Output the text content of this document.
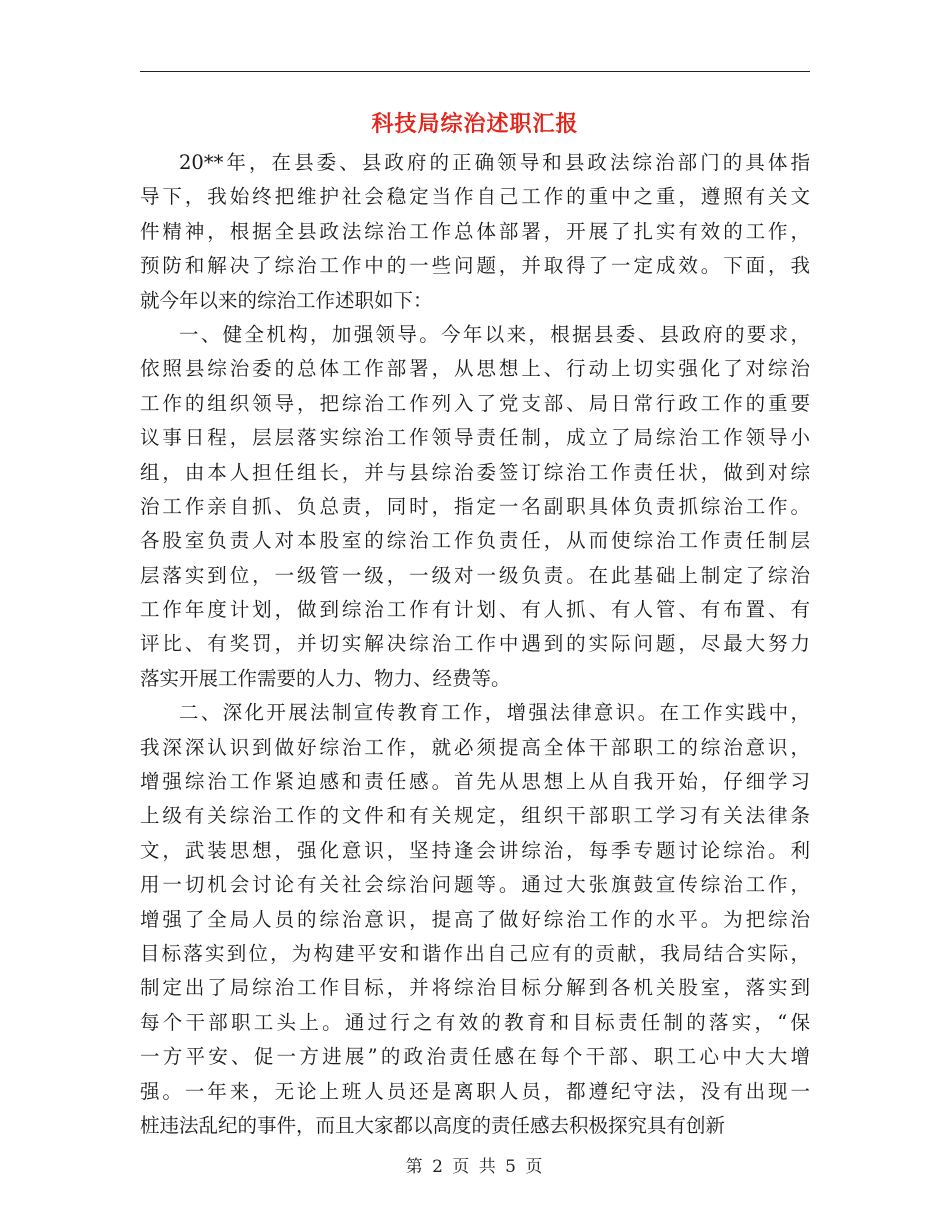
科技局综治述职汇报
20**年，在县委、县政府的正确领导和县政法综治部门的具体指
导下，我始终把维护社会稳定当作自己工作的重中之重，遵照有关文
件精神，根据全县政法综治工作总体部署，开展了扎实有效的工作，
预防和解决了综治工作中的一些问题，并取得了一定成效。下面，我
就今年以来的综治工作述职如下：
一、健全机构，加强领导。今年以来，根据县委、县政府的要求，
依照县综治委的总体工作部署，从思想上、行动上切实强化了对综治
工作的组织领导，把综治工作列入了党支部、局日常行政工作的重要
议事日程，层层落实综治工作领导责任制，成立了局综治工作领导小
组，由本人担任组长，并与县综治委签订综治工作责任状，做到对综
治工作亲自抓、负总责，同时，指定一名副职具体负责抓综治工作。
各股室负责人对本股室的综治工作负责任，从而使综治工作责任制层
层落实到位，一级管一级，一级对一级负责。在此基础上制定了综治
工作年度计划，做到综治工作有计划、有人抓、有人管、有布置、有
评比、有奖罚，并切实解决综治工作中遇到的实际问题，尽最大努力
落实开展工作需要的人力、物力、经费等。
二、深化开展法制宣传教育工作，增强法律意识。在工作实践中，
我深深认识到做好综治工作，就必须提高全体干部职工的综治意识，
增强综治工作紧迫感和责任感。首先从思想上从自我开始，仔细学习
上级有关综治工作的文件和有关规定，组织干部职工学习有关法律条
文，武装思想，强化意识，坚持逢会讲综治，每季专题讨论综治。利
用一切机会讨论有关社会综治问题等。通过大张旗鼓宣传综治工作，
增强了全局人员的综治意识，提高了做好综治工作的水平。为把综治
目标落实到位，为构建平安和谐作出自己应有的贡献，我局结合实际，
制定出了局综治工作目标，并将综治目标分解到各机关股室，落实到
每个干部职工头上。通过行之有效的教育和目标责任制的落实，“保
一方平安、促一方进展”的政治责任感在每个干部、职工心中大大增
强。一年来，无论上班人员还是离职人员，都遵纪守法，没有出现一
桩违法乱纪的事件，而且大家都以高度的责任感去积极探究具有创新
第 2 页 共 5 页
